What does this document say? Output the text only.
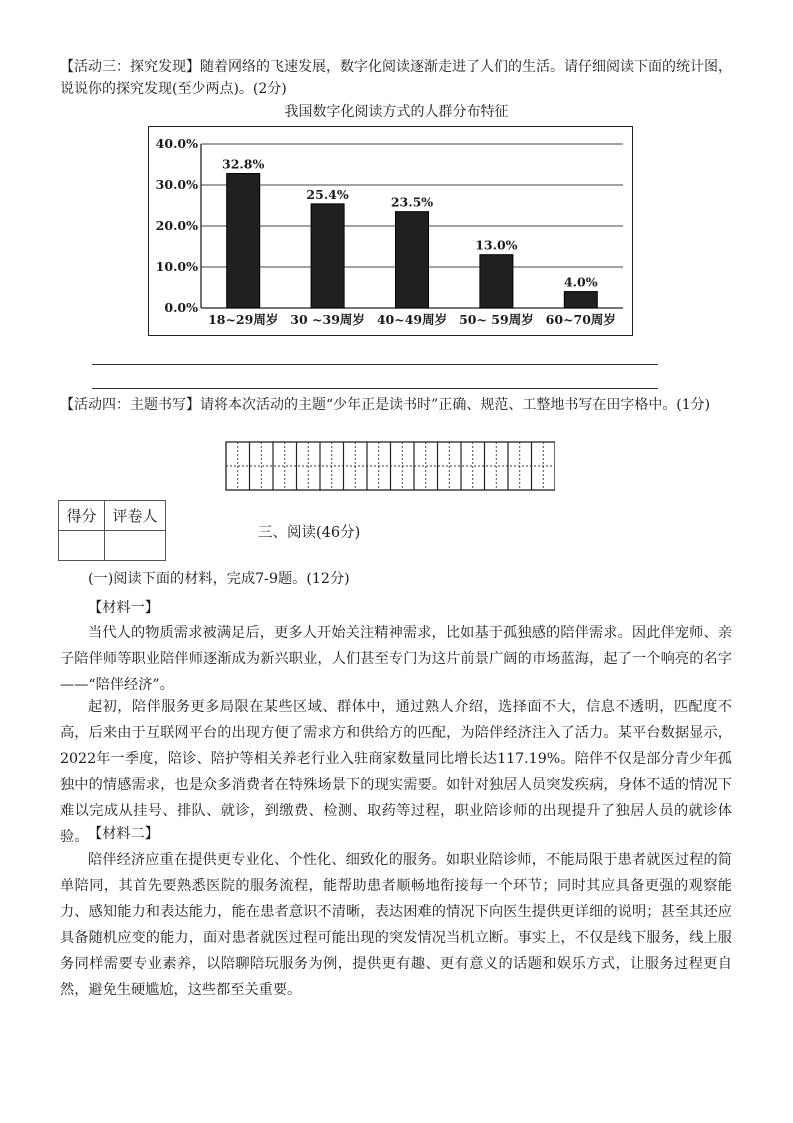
【活动三：探究发现】随着网络的飞速发展，数字化阅读逐渐走进了人们的生活。请仔细阅读下面的统计图，说说你的探究发现(至少两点)。(2分)

我国数字化阅读方式的人群分布特征
0.0%
10.0%
20.0%
30.0%
40.0%
32.8%
18~29周岁
25.4%
30 ~39周岁
23.5%
40~49周岁
13.0%
50~ 59周岁
4.0%
60~70周岁

【活动四：主题书写】请将本次活动的主题“少年正是读书时”正确、规范、工整地书写在田字格中。(1分)

得分	评卷人

三、阅读(46分)
(一)阅读下面的材料，完成7-9题。(12分)
【材料一】

当代人的物质需求被满足后，更多人开始关注精神需求，比如基于孤独感的陪伴需求。因此伴宠师、亲子陪伴师等职业陪伴师逐渐成为新兴职业，人们甚至专门为这片前景广阔的市场蓝海，起了一个响亮的名字——“陪伴经济”。

起初，陪伴服务更多局限在某些区域、群体中，通过熟人介绍，选择面不大，信息不透明，匹配度不高，后来由于互联网平台的出现方便了需求方和供给方的匹配，为陪伴经济注入了活力。某平台数据显示，2022年一季度，陪诊、陪护等相关养老行业入驻商家数量同比增长达117.19%。陪伴不仅是部分青少年孤独中的情感需求，也是众多消费者在特殊场景下的现实需要。如针对独居人员突发疾病，身体不适的情况下难以完成从挂号、排队、就诊，到缴费、检测、取药等过程，职业陪诊师的出现提升了独居人员的就诊体验。 【材料二】

陪伴经济应重在提供更专业化、个性化、细致化的服务。如职业陪诊师，不能局限于患者就医过程的简单陪同，其首先要熟悉医院的服务流程，能帮助患者顺畅地衔接每一个环节；同时其应具备更强的观察能力、感知能力和表达能力，能在患者意识不清晰，表达困难的情况下向医生提供更详细的说明；甚至其还应具备随机应变的能力，面对患者就医过程可能出现的突发情况当机立断。事实上，不仅是线下服务，线上服务同样需要专业素养，以陪聊陪玩服务为例，提供更有趣、更有意义的话题和娱乐方式，让服务过程更自然，避免生硬尴尬，这些都至关重要。
